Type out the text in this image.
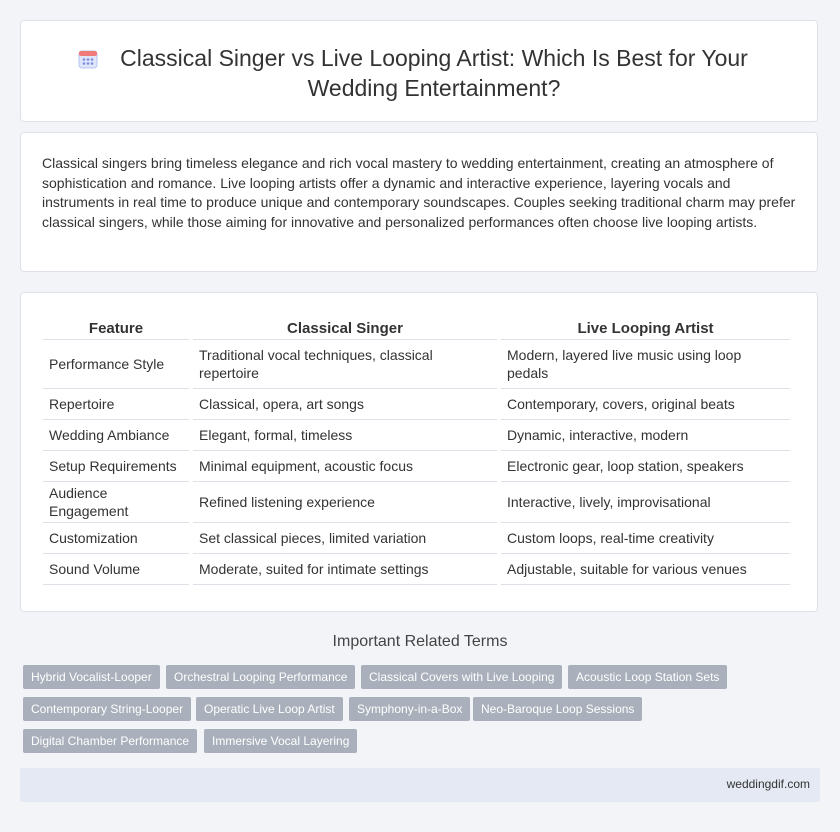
Classical Singer vs Live Looping Artist: Which Is Best for Your Wedding Entertainment?

Classical singers bring timeless elegance and rich vocal mastery to wedding entertainment, creating an atmosphere of sophistication and romance. Live looping artists offer a dynamic and interactive experience, layering vocals and instruments in real time to produce unique and contemporary soundscapes. Couples seeking traditional charm may prefer classical singers, while those aiming for innovative and personalized performances often choose live looping artists.

Feature	Classical Singer	Live Looping Artist
Performance Style	Traditional vocal techniques, classical repertoire	Modern, layered live music using loop pedals
Repertoire	Classical, opera, art songs	Contemporary, covers, original beats
Wedding Ambiance	Elegant, formal, timeless	Dynamic, interactive, modern
Setup Requirements	Minimal equipment, acoustic focus	Electronic gear, loop station, speakers
Audience Engagement	Refined listening experience	Interactive, lively, improvisational
Customization	Set classical pieces, limited variation	Custom loops, real-time creativity
Sound Volume	Moderate, suited for intimate settings	Adjustable, suitable for various venues
Important Related Terms
Hybrid Vocalist-Looper	Orchestral Looping Performance	Classical Covers with Live Looping	Acoustic Loop Station Sets
Contemporary String-Looper	Operatic Live Loop Artist	Symphony-in-a-Box	Neo-Baroque Loop Sessions
Digital Chamber Performance	Immersive Vocal Layering
weddingdif.com
